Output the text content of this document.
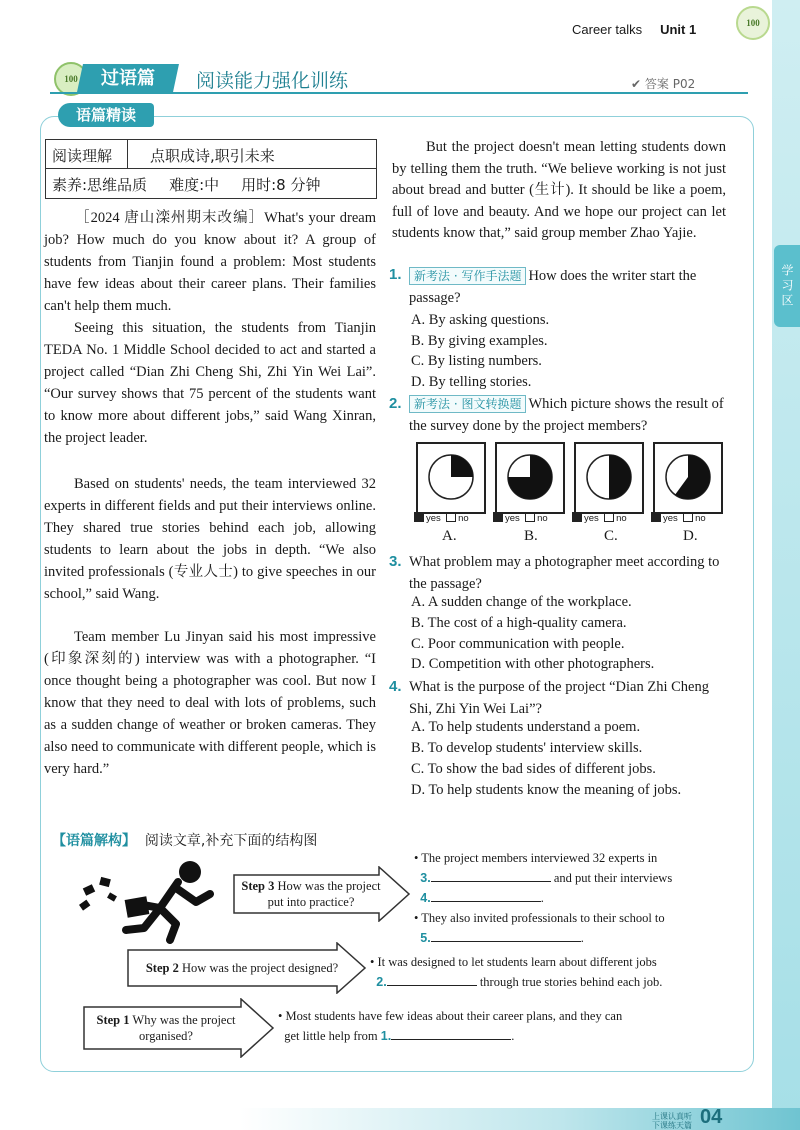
学习区
Career talks Unit 1	100
100	过语篇	阅读能力强化训练	✔ 答案 P02
语篇精读
阅读理解	点职成诗,职引未来
素养:思维品质 难度:中 用时:8 分钟
［2024 唐山滦州期末改编］What's your dream job? How much do you know about it? A group of students from Tianjin found a problem: Most students have few ideas about their career plans. Their families can't help them much.
Seeing this situation, the students from Tianjin TEDA No. 1 Middle School decided to act and started a project called “Dian Zhi Cheng Shi, Zhi Yin Wei Lai”. “Our survey shows that 75 percent of the students want to know more about different jobs,” said Wang Xinran, the project leader.
Based on students' needs, the team interviewed 32 experts in different fields and put their interviews online. They shared true stories behind each job, allowing students to learn about the jobs in depth. “We also invited professionals (专业人士) to give speeches in our school,” said Wang.
Team member Lu Jinyan said his most impressive (印象深刻的) interview was with a photographer. “I once thought being a photographer was cool. But now I know that they need to deal with lots of problems, such as a sudden change of weather or broken cameras. They also need to communicate with different people, which is very hard.”
But the project doesn't mean letting students down by telling them the truth. “We believe working is not just about bread and butter (生计). It should be like a poem, full of love and beauty. And we hope our project can let students know that,” said group member Zhao Yajie.
1.	新考法 · 写作手法题 How does the writer start the passage?
A. By asking questions.
B. By giving examples.
C. By listing numbers.
D. By telling stories.
2.	新考法 · 图文转换题 Which picture shows the result of the survey done by the project members?
yes no	yes no	yes no	yes no
A.	B.	C.	D.
3. What problem may a photographer meet according to the passage?
A. A sudden change of the workplace.
B. The cost of a high-quality camera.
C. Poor communication with people.
D. Competition with other photographers.
4. What is the purpose of the project “Dian Zhi Cheng Shi, Zhi Yin Wei Lai”?
A. To help students understand a poem.
B. To develop students' interview skills.
C. To show the bad sides of different jobs.
D. To help students know the meaning of jobs.
【语篇解构】 阅读文章,补充下面的结构图
Step 3 How was the project
put into practice?
Step 2 How was the project designed?
Step 1 Why was the project
organised?
• The project members interviewed 32 experts in
3.	and put their interviews
4.	.
• They also invited professionals to their school to
5.	.
• It was designed to let students learn about different jobs
2.	through true stories behind each job.
• Most students have few ideas about their career plans, and they can
get little help from 1.	.
上课认真听
下课练天篇 04
